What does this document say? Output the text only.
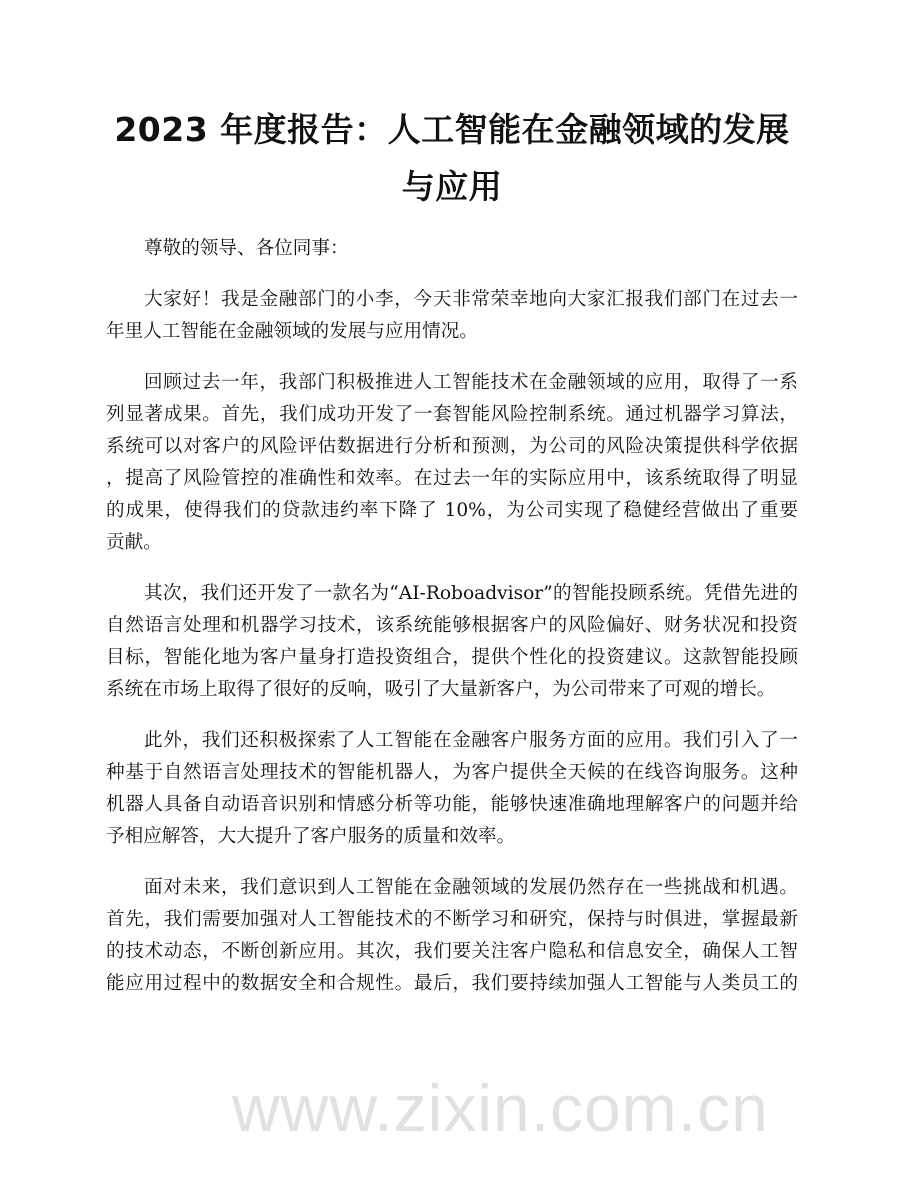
2023 年度报告：人工智能在金融领域的发展
与应用
尊敬的领导、各位同事：
大家好！我是金融部门的小李，今天非常荣幸地向大家汇报我们部门在过去一
年里人工智能在金融领域的发展与应用情况。
回顾过去一年，我部门积极推进人工智能技术在金融领域的应用，取得了一系
列显著成果。首先，我们成功开发了一套智能风险控制系统。通过机器学习算法，
系统可以对客户的风险评估数据进行分析和预测，为公司的风险决策提供科学依据
，提高了风险管控的准确性和效率。在过去一年的实际应用中，该系统取得了明显
的成果，使得我们的贷款违约率下降了 10%，为公司实现了稳健经营做出了重要
贡献。
其次，我们还开发了一款名为“AI-Roboadvisor”的智能投顾系统。凭借先进的
自然语言处理和机器学习技术，该系统能够根据客户的风险偏好、财务状况和投资
目标，智能化地为客户量身打造投资组合，提供个性化的投资建议。这款智能投顾
系统在市场上取得了很好的反响，吸引了大量新客户，为公司带来了可观的增长。
此外，我们还积极探索了人工智能在金融客户服务方面的应用。我们引入了一
种基于自然语言处理技术的智能机器人，为客户提供全天候的在线咨询服务。这种
机器人具备自动语音识别和情感分析等功能，能够快速准确地理解客户的问题并给
予相应解答，大大提升了客户服务的质量和效率。
面对未来，我们意识到人工智能在金融领域的发展仍然存在一些挑战和机遇。
首先，我们需要加强对人工智能技术的不断学习和研究，保持与时俱进，掌握最新
的技术动态，不断创新应用。其次，我们要关注客户隐私和信息安全，确保人工智
能应用过程中的数据安全和合规性。最后，我们要持续加强人工智能与人类员工的
www.zixin.com.cn
